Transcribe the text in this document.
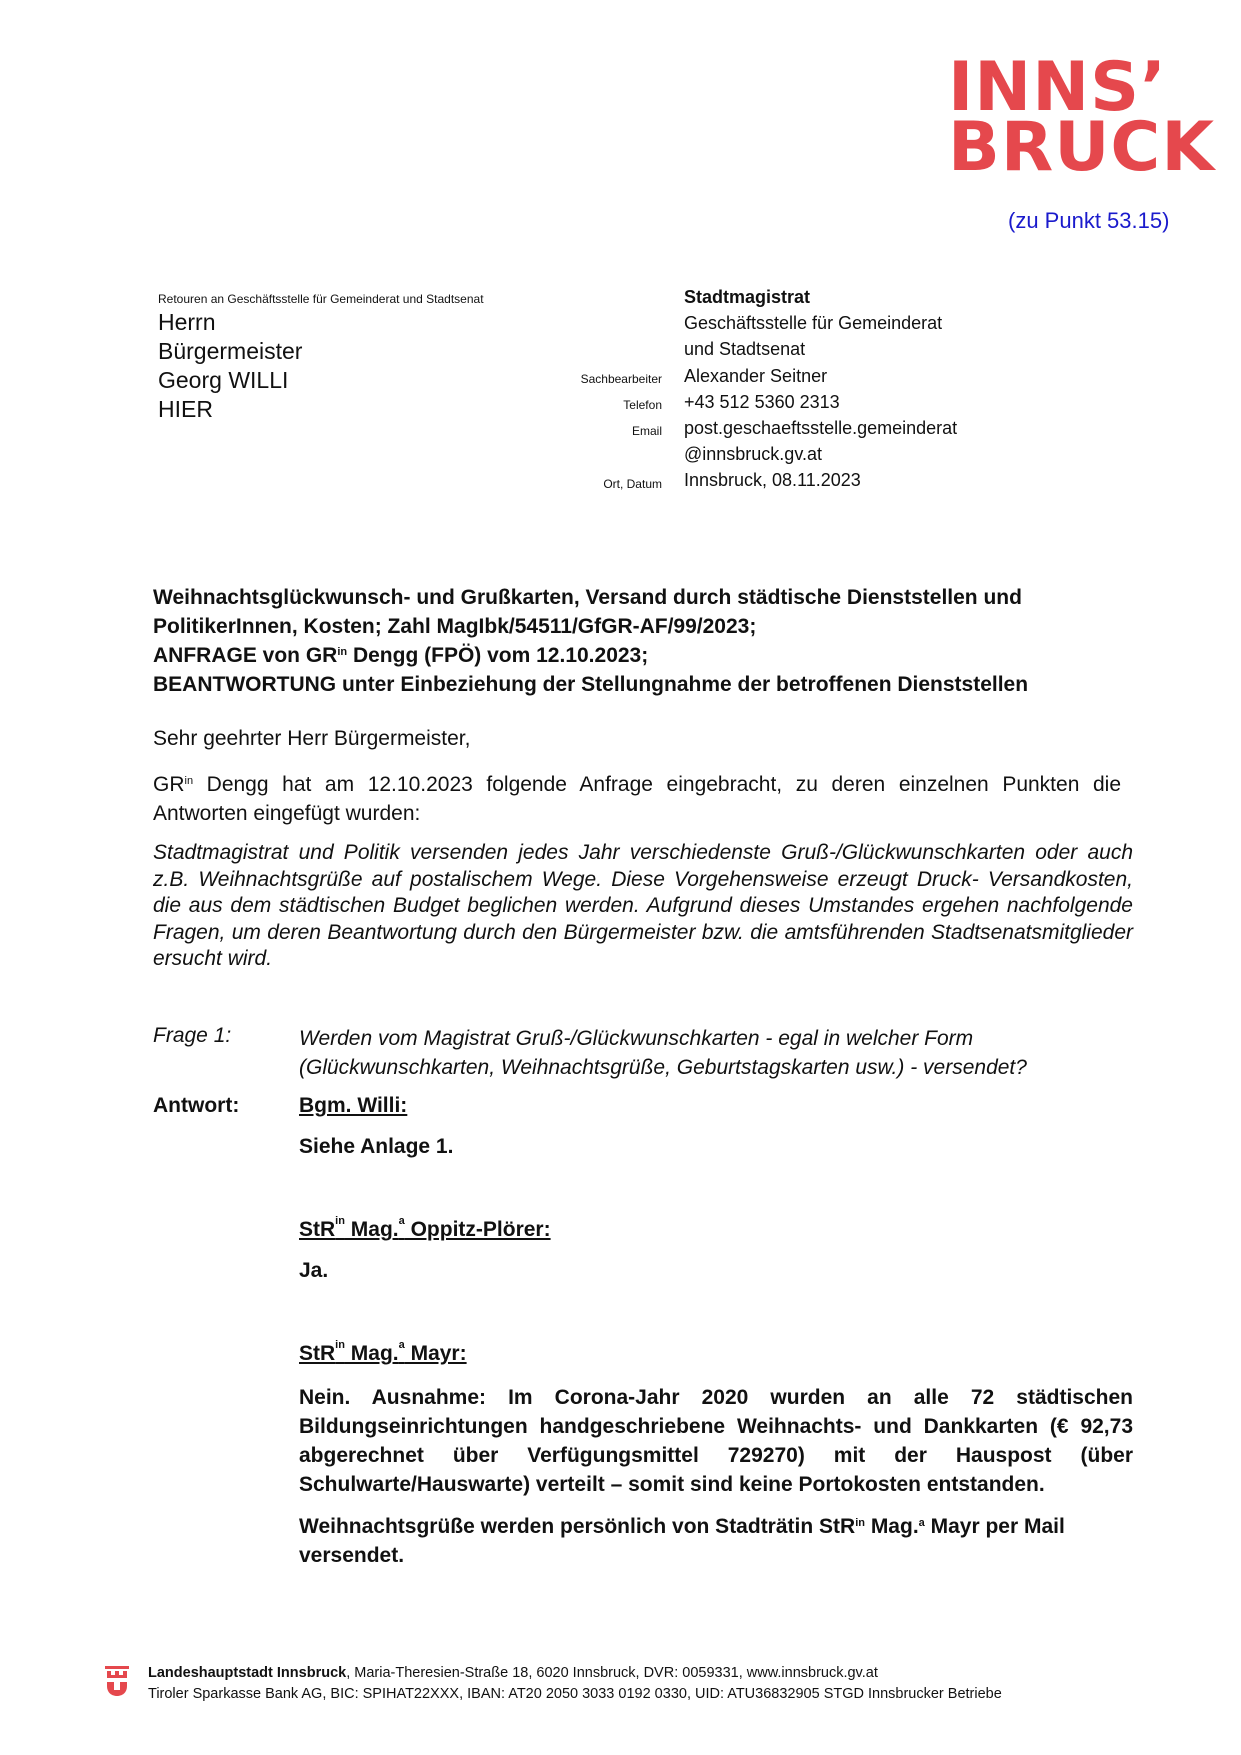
INNS’
BRUCK
(zu Punkt 53.15)
Retouren an Geschäftsstelle für Gemeinderat und Stadtsenat
Herrn
Bürgermeister
Georg WILLI
HIER
Sachbearbeiter
Telefon
Email
Ort, Datum
Stadtmagistrat
Geschäftsstelle für Gemeinderat
und Stadtsenat
Alexander Seitner
+43 512 5360 2313
post.geschaeftsstelle.gemeinderat
@innsbruck.gv.at
Innsbruck, 08.11.2023
Weihnachtsglückwunsch- und Grußkarten, Versand durch städtische Dienststellen und PolitikerInnen, Kosten; Zahl MagIbk/54511/GfGR-AF/99/2023;
ANFRAGE von $GR^{in}$ Dengg (FPÖ) vom 12.10.2023;
BEANTWORTUNG unter Einbeziehung der Stellungnahme der betroffenen Dienststellen
Sehr geehrter Herr Bürgermeister,
$GR^{in}$ Dengg hat am 12.10.2023 folgende Anfrage eingebracht, zu deren einzelnen Punkten die Antworten eingefügt wurden:
Stadtmagistrat und Politik versenden jedes Jahr verschiedenste Gruß-/Glückwunschkarten oder auch z.B. Weihnachtsgrüße auf postalischem Wege. Diese Vorgehensweise erzeugt Druck- Versandkosten, die aus dem städtischen Budget beglichen werden. Aufgrund dieses Umstandes ergehen nachfolgende Fragen, um deren Beantwortung durch den Bürgermeister bzw. die amtsführenden Stadtsenatsmitglieder ersucht wird.
Frage 1:	Werden vom Magistrat Gruß-/Glückwunschkarten - egal in welcher Form (Glückwunschkarten, Weihnachtsgrüße, Geburtstagskarten usw.) - versendet?
Antwort:	Bgm. Willi:
Siehe Anlage 1.
StR$^{in}$ Mag.$^a$ Oppitz-Plörer:
Ja.
StR$^{in}$ Mag.$^a$ Mayr:
Nein. Ausnahme: Im Corona-Jahr 2020 wurden an alle 72 städtischen Bildungseinrichtungen handgeschriebene Weihnachts- und Dankkarten (€ 92,73 abgerechnet über Verfügungsmittel 729270) mit der Hauspost (über Schulwarte/Hauswarte) verteilt – somit sind keine Portokosten entstanden.
Weihnachtsgrüße werden persönlich von Stadträtin StR$^{in}$ Mag.$^a$ Mayr per Mail versendet.
Landeshauptstadt Innsbruck, Maria-Theresien-Straße 18, 6020 Innsbruck, DVR: 0059331, www.innsbruck.gv.at
Tiroler Sparkasse Bank AG, BIC: SPIHAT22XXX, IBAN: AT20 2050 3033 0192 0330, UID: ATU36832905 STGD Innsbrucker Betriebe
